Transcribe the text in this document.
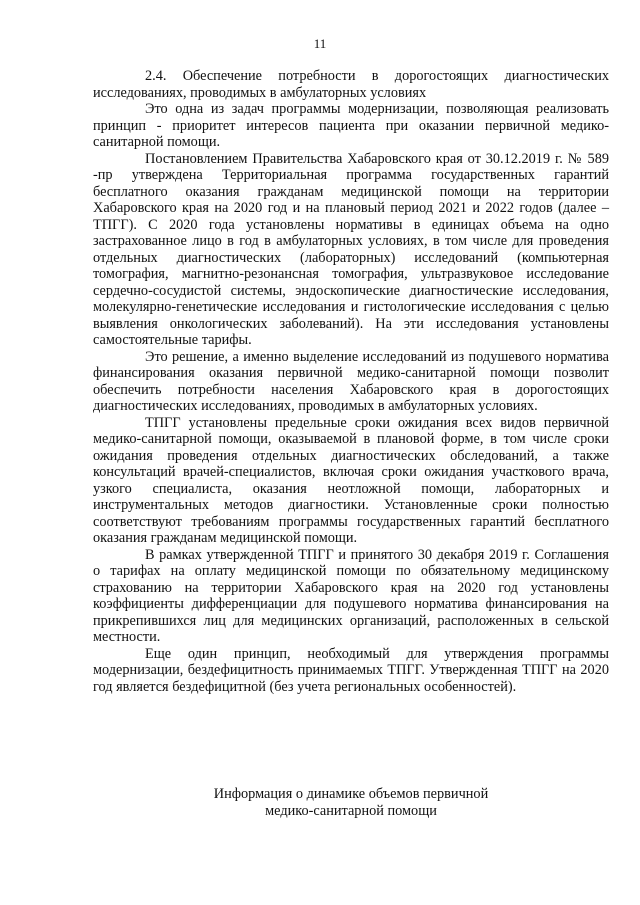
11

2.4. Обеспечение потребности в дорогостоящих диагностических исследованиях, проводимых в амбулаторных условиях

Это одна из задач программы модернизации, позволяющая реализовать принцип - приоритет интересов пациента при оказании первичной медико-санитарной помощи.

Постановлением Правительства Хабаровского края от 30.12.2019 г. № 589 -пр утверждена Территориальная программа государственных гарантий бесплатного оказания гражданам медицинской помощи на территории Хабаровского края на 2020 год и на плановый период 2021 и 2022 годов (далее – ТПГГ). С 2020 года установлены нормативы в единицах объема на одно застрахованное лицо в год в амбулаторных условиях, в том числе для проведения отдельных диагностических (лабораторных) исследований (компьютерная томография, магнитно-резонансная томография, ультразвуковое исследование сердечно-сосудистой системы, эндоскопические диагностические исследования, молекулярно-генетические исследования и гистологические исследования с целью выявления онкологических заболеваний). На эти исследования установлены самостоятельные тарифы.

Это решение, а именно выделение исследований из подушевого норматива финансирования оказания первичной медико-санитарной помощи позволит обеспечить потребности населения Хабаровского края в дорогостоящих диагностических исследованиях, проводимых в амбулаторных условиях.

ТПГГ установлены предельные сроки ожидания всех видов первичной медико-санитарной помощи, оказываемой в плановой форме, в том числе сроки ожидания проведения отдельных диагностических обследований, а также консультаций врачей-специалистов, включая сроки ожидания участкового врача, узкого специалиста, оказания неотложной помощи, лабораторных и инструментальных методов диагностики. Установленные сроки полностью соответствуют требованиям программы государственных гарантий бесплатного оказания гражданам медицинской помощи.

В рамках утвержденной ТПГГ и принятого 30 декабря 2019 г. Соглашения о тарифах на оплату медицинской помощи по обязательному медицинскому страхованию на территории Хабаровского края на 2020 год установлены коэффициенты дифференциации для подушевого норматива финансирования на прикрепившихся лиц для медицинских организаций, расположенных в сельской местности.

Еще один принцип, необходимый для утверждения программы модернизации, бездефицитность принимаемых ТПГГ. Утвержденная ТПГГ на 2020 год является бездефицитной (без учета региональных особенностей).

Информация о динамике объемов первичной
медико-санитарной помощи
